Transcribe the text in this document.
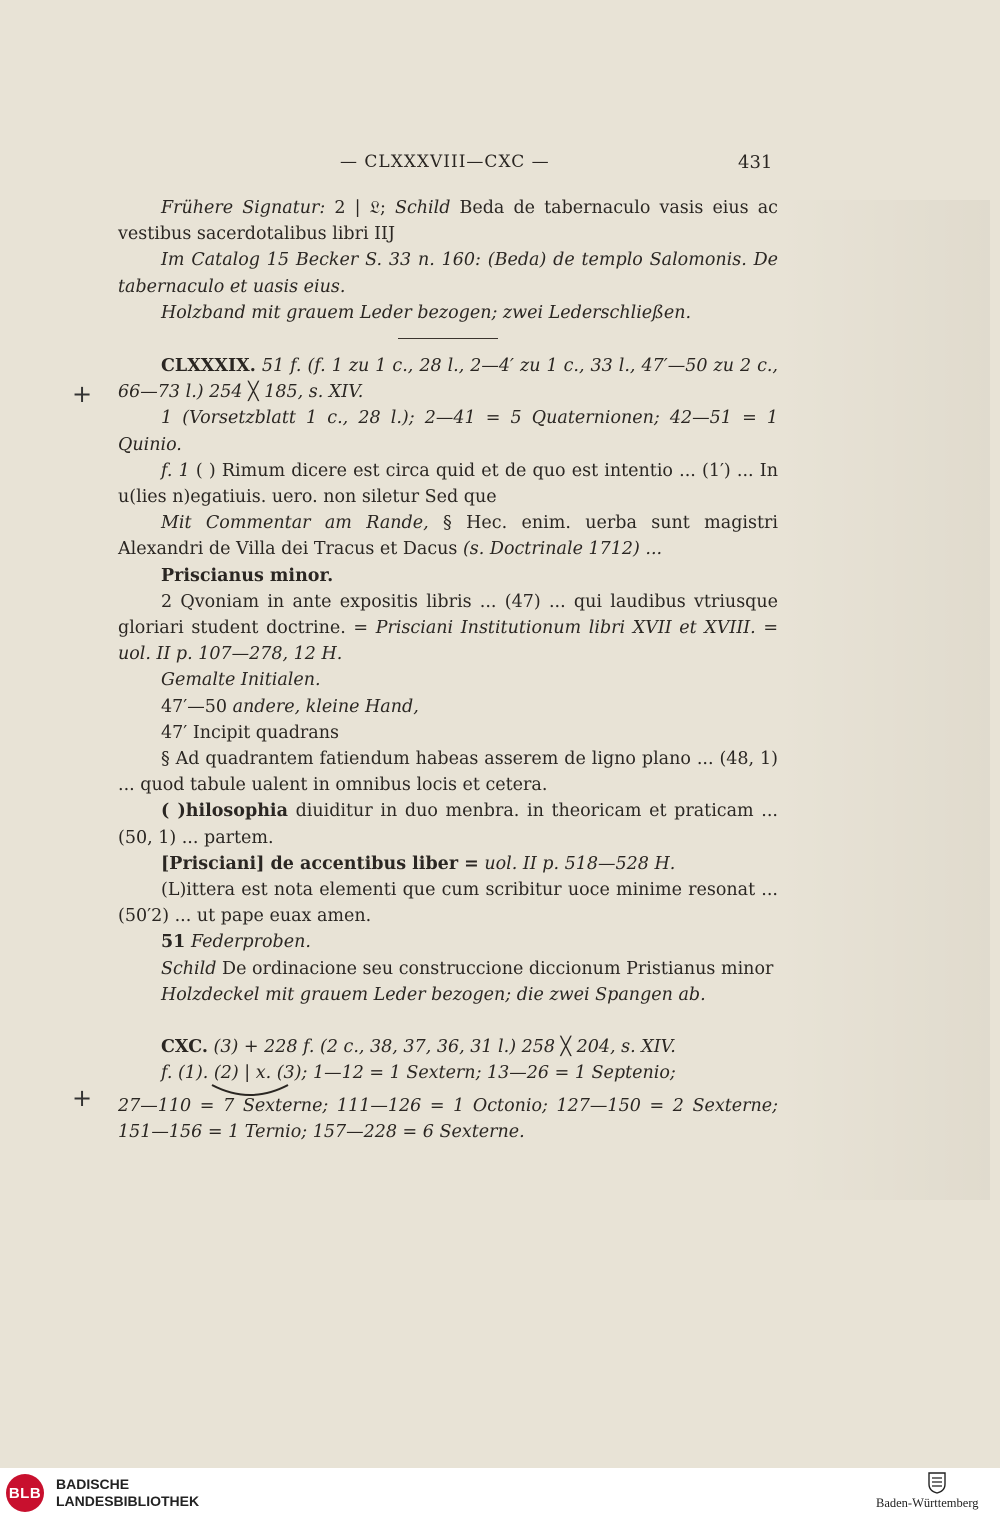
— CLXXXVIII—CXC —	431
+
+

Frühere Signatur: 2 | 𝔏; Schild Beda de tabernaculo vasis eius ac vestibus sacerdotalibus libri IIJ

Im Catalog 15 Becker S. 33 n. 160: (Beda) de templo Salomonis. De tabernaculo et uasis eius.

Holzband mit grauem Leder bezogen; zwei Lederschließen.

CLXXXIX. 51 f. (f. 1 zu 1 c., 28 l., 2—4′ zu 1 c., 33 l., 47′—50 zu 2 c., 66—73 l.) 254 ╳ 185, s. XIV.

1 (Vorsetzblatt 1 c., 28 l.); 2—41 = 5 Quaternionen; 42—51 = 1 Quinio.

f. 1 ( ) Rimum dicere est circa quid et de quo est intentio ... (1′) ... In u(lies n)egatiuis. uero. non siletur Sed que

Mit Commentar am Rande, § Hec. enim. uerba sunt magistri Alexandri de Villa dei Tracus et Dacus (s. Doctrinale 1712) ...

Priscianus minor.

2 Qvoniam in ante expositis libris ... (47) ... qui laudibus vtriusque gloriari student doctrine. = Prisciani Institutionum libri XVII et XVIII. = uol. II p. 107—278, 12 H.

Gemalte Initialen.

47′—50 andere, kleine Hand,

47′ Incipit quadrans

§ Ad quadrantem fatiendum habeas asserem de ligno plano ... (48, 1) ... quod tabule ualent in omnibus locis et cetera.

( )hilosophia diuiditur in duo menbra. in theoricam et praticam ... (50, 1) ... partem.

[Prisciani] de accentibus liber = uol. II p. 518—528 H.

(L)ittera est nota elementi que cum scribitur uoce minime resonat ... (50′2) ... ut pape euax amen.

51 Federproben.

Schild De ordinacione seu construccione diccionum Pristianus minor

Holzdeckel mit grauem Leder bezogen; die zwei Spangen ab.

CXC. (3) + 228 f. (2 c., 38, 37, 36, 31 l.) 258 ╳ 204, s. XIV.

f. (1). (2) | x. (3); 1—12 = 1 Sextern; 13—26 = 1 Septenio;

27—110 = 7 Sexterne; 111—126 = 1 Octonio; 127—150 = 2 Sexterne; 151—156 = 1 Ternio; 157—228 = 6 Sexterne.

BLB
BADISCHE
LANDESBIBLIOTHEK	Baden-Württemberg
